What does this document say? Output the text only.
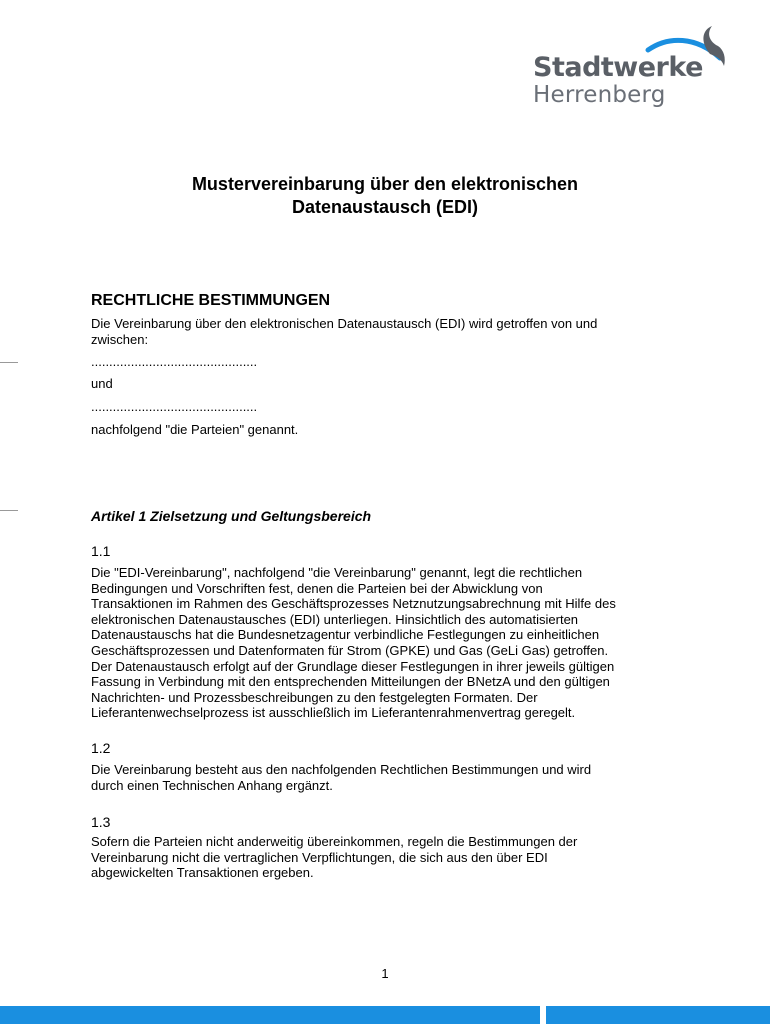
Stadtwerke
Herrenberg
Mustervereinbarung über den elektronischen
Datenaustausch (EDI)
RECHTLICHE BESTIMMUNGEN
Die Vereinbarung über den elektronischen Datenaustausch (EDI) wird getroffen von und
zwischen:
..............................................
und
..............................................
nachfolgend "die Parteien" genannt.
Artikel 1 Zielsetzung und Geltungsbereich
1.1
Die "EDI-Vereinbarung", nachfolgend "die Vereinbarung" genannt, legt die rechtlichen
Bedingungen und Vorschriften fest, denen die Parteien bei der Abwicklung von
Transaktionen im Rahmen des Geschäftsprozesses Netznutzungsabrechnung mit Hilfe des
elektronischen Datenaustausches (EDI) unterliegen. Hinsichtlich des automatisierten
Datenaustauschs hat die Bundesnetzagentur verbindliche Festlegungen zu einheitlichen
Geschäftsprozessen und Datenformaten für Strom (GPKE) und Gas (GeLi Gas) getroffen.
Der Datenaustausch erfolgt auf der Grundlage dieser Festlegungen in ihrer jeweils gültigen
Fassung in Verbindung mit den entsprechenden Mitteilungen der BNetzA und den gültigen
Nachrichten- und Prozessbeschreibungen zu den festgelegten Formaten. Der
Lieferantenwechselprozess ist ausschließlich im Lieferantenrahmenvertrag geregelt.
1.2
Die Vereinbarung besteht aus den nachfolgenden Rechtlichen Bestimmungen und wird
durch einen Technischen Anhang ergänzt.
1.3
Sofern die Parteien nicht anderweitig übereinkommen, regeln die Bestimmungen der
Vereinbarung nicht die vertraglichen Verpflichtungen, die sich aus den über EDI
abgewickelten Transaktionen ergeben.
1
